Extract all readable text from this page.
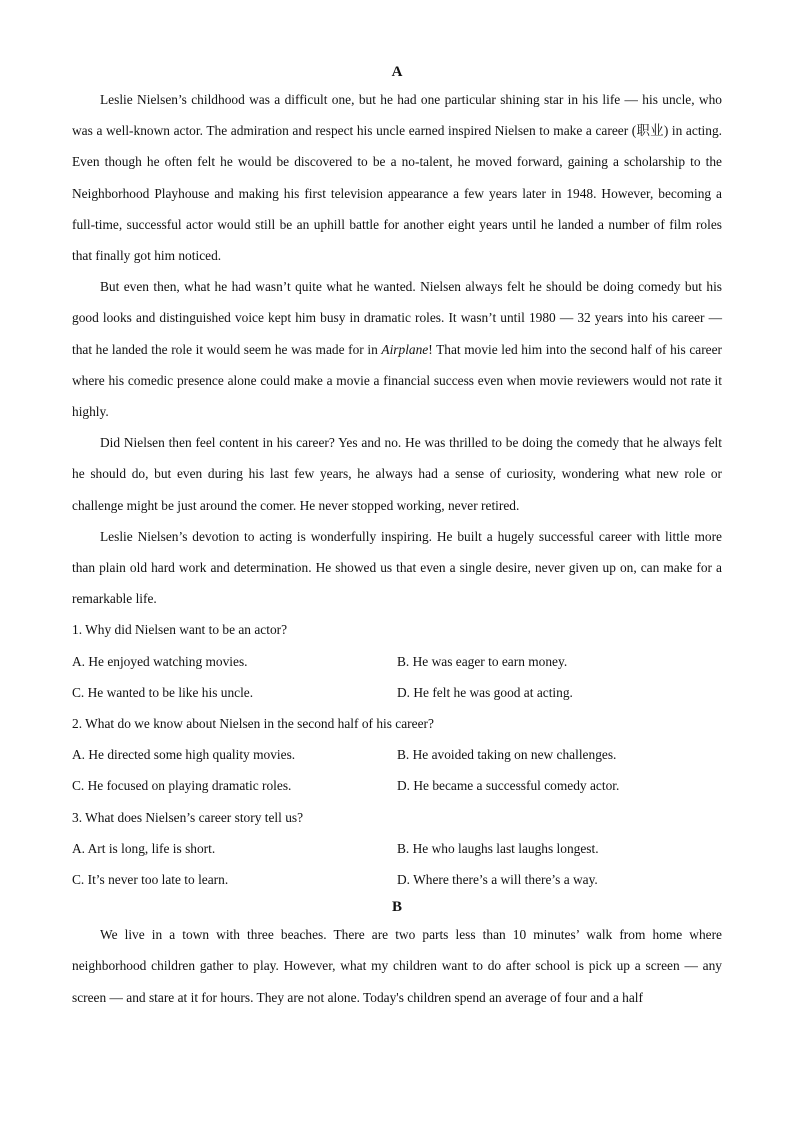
A

Leslie Nielsen’s childhood was a difficult one, but he had one particular shining star in his life — his uncle, who was a well-known actor. The admiration and respect his uncle earned inspired Nielsen to make a career (职业) in acting. Even though he often felt he would be discovered to be a no-talent, he moved forward, gaining a scholarship to the Neighborhood Playhouse and making his first television appearance a few years later in 1948. However, becoming a full-time, successful actor would still be an uphill battle for another eight years until he landed a number of film roles that finally got him noticed.

But even then, what he had wasn’t quite what he wanted. Nielsen always felt he should be doing comedy but his good looks and distinguished voice kept him busy in dramatic roles. It wasn’t until 1980 — 32 years into his career — that he landed the role it would seem he was made for in Airplane! That movie led him into the second half of his career where his comedic presence alone could make a movie a financial success even when movie reviewers would not rate it highly.

Did Nielsen then feel content in his career? Yes and no. He was thrilled to be doing the comedy that he always felt he should do, but even during his last few years, he always had a sense of curiosity, wondering what new role or challenge might be just around the comer. He never stopped working, never retired.

Leslie Nielsen’s devotion to acting is wonderfully inspiring. He built a hugely successful career with little more than plain old hard work and determination. He showed us that even a single desire, never given up on, can make for a remarkable life.

1. Why did Nielsen want to be an actor?

A. He enjoyed watching movies.	B. He was eager to earn money.
C. He wanted to be like his uncle.	D. He felt he was good at acting.

2. What do we know about Nielsen in the second half of his career?

A. He directed some high quality movies.	B. He avoided taking on new challenges.
C. He focused on playing dramatic roles.	D. He became a successful comedy actor.

3. What does Nielsen’s career story tell us?

A. Art is long, life is short.	B. He who laughs last laughs longest.
C. It’s never too late to learn.	D. Where there’s a will there’s a way.

B

We live in a town with three beaches. There are two parts less than 10 minutes’ walk from home where neighborhood children gather to play. However, what my children want to do after school is pick up a screen — any screen — and stare at it for hours. They are not alone. Today's children spend an average of four and a half
